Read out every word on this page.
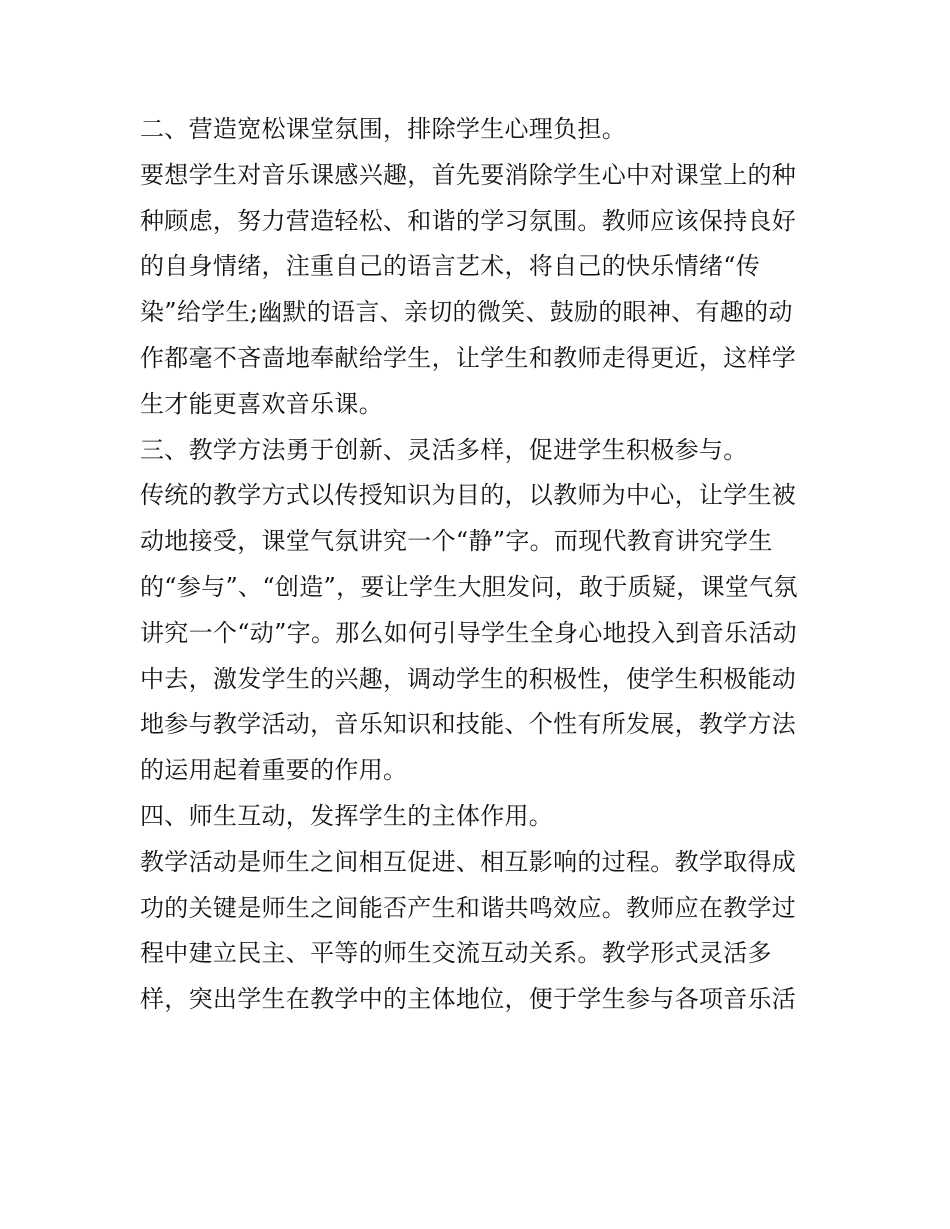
二、营造宽松课堂氛围，排除学生心理负担。
要想学生对音乐课感兴趣，首先要消除学生心中对课堂上的种
种顾虑，努力营造轻松、和谐的学习氛围。教师应该保持良好
的自身情绪，注重自己的语言艺术，将自己的快乐情绪“传
染”给学生;幽默的语言、亲切的微笑、鼓励的眼神、有趣的动
作都毫不吝啬地奉献给学生，让学生和教师走得更近，这样学
生才能更喜欢音乐课。
三、教学方法勇于创新、灵活多样，促进学生积极参与。
传统的教学方式以传授知识为目的，以教师为中心，让学生被
动地接受，课堂气氛讲究一个“静”字。而现代教育讲究学生
的“参与”、“创造”，要让学生大胆发问，敢于质疑，课堂气氛
讲究一个“动”字。那么如何引导学生全身心地投入到音乐活动
中去，激发学生的兴趣，调动学生的积极性，使学生积极能动
地参与教学活动，音乐知识和技能、个性有所发展，教学方法
的运用起着重要的作用。
四、师生互动，发挥学生的主体作用。
教学活动是师生之间相互促进、相互影响的过程。教学取得成
功的关键是师生之间能否产生和谐共鸣效应。教师应在教学过
程中建立民主、平等的师生交流互动关系。教学形式灵活多
样，突出学生在教学中的主体地位，便于学生参与各项音乐活
